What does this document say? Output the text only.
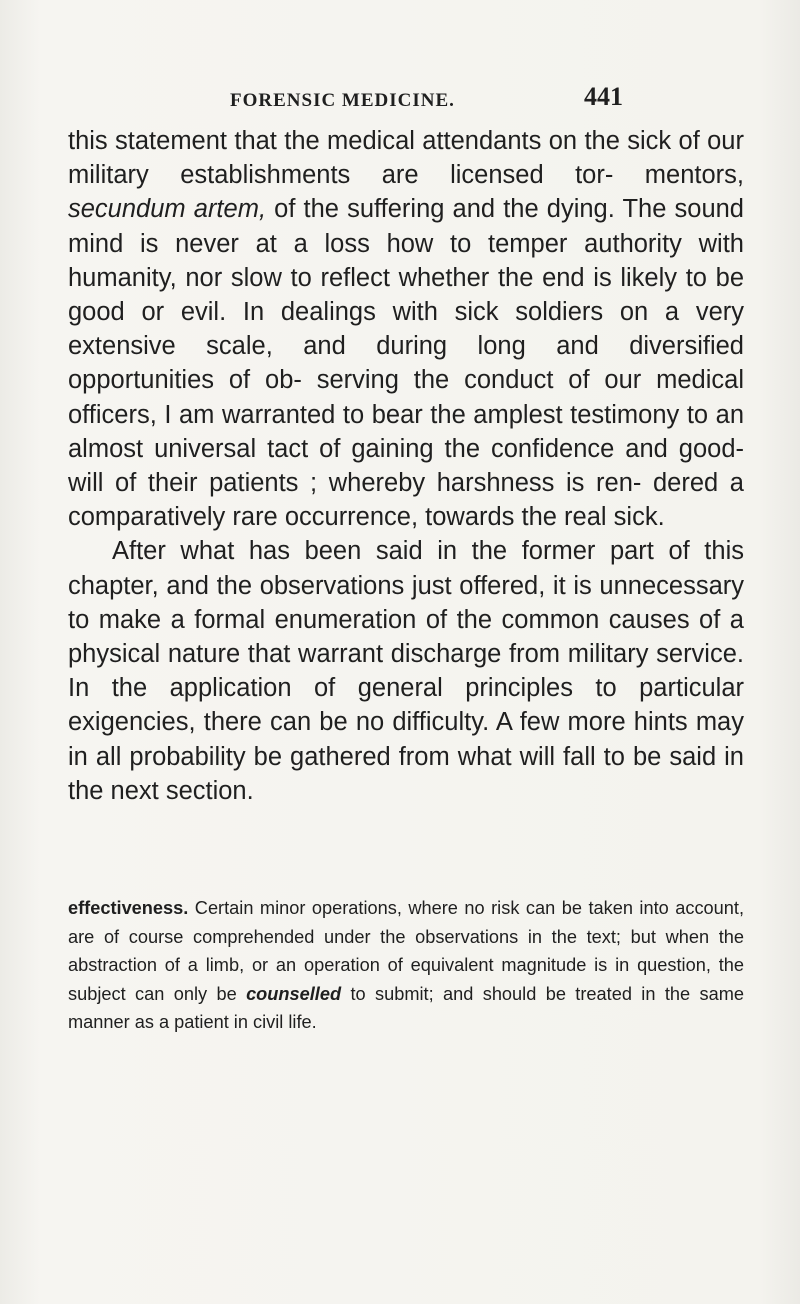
FORENSIC MEDICINE.	441

this statement that the medical attendants on the sick of our military establishments are licensed tor- mentors, secundum artem, of the suffering and the dying. The sound mind is never at a loss how to temper authority with humanity, nor slow to reflect whether the end is likely to be good or evil. In dealings with sick soldiers on a very extensive scale, and during long and diversified opportunities of ob- serving the conduct of our medical officers, I am warranted to bear the amplest testimony to an almost universal tact of gaining the confidence and good- will of their patients ; whereby harshness is ren- dered a comparatively rare occurrence, towards the real sick.

After what has been said in the former part of this chapter, and the observations just offered, it is unnecessary to make a formal enumeration of the common causes of a physical nature that warrant discharge from military service. In the application of general principles to particular exigencies, there can be no difficulty. A few more hints may in all probability be gathered from what will fall to be said in the next section.

effectiveness. Certain minor operations, where no risk can be taken into account, are of course comprehended under the observations in the text; but when the abstraction of a limb, or an operation of equivalent magnitude is in question, the subject can only be counselled to submit; and should be treated in the same manner as a patient in civil life.
